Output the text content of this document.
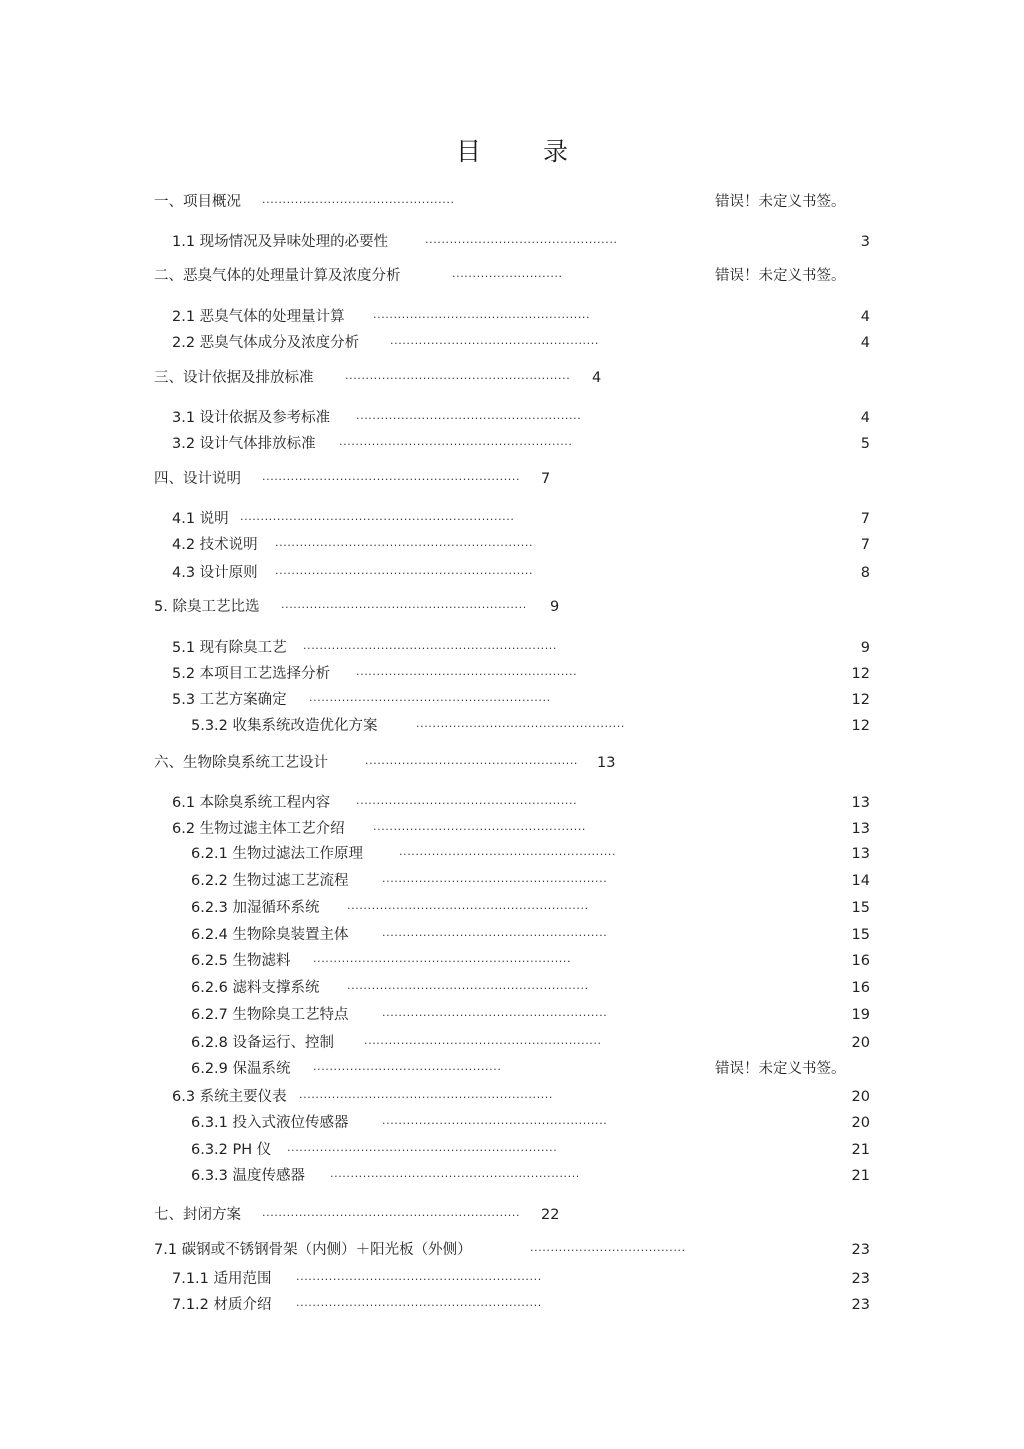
目 录
一、项目概况 ...............................................	错误！未定义书签。
1.1 现场情况及异味处理的必要性	...............................................	3
二、恶臭气体的处理量计算及浓度分析	...........................	错误！未定义书签。
2.1 恶臭气体的处理量计算	.....................................................	4
2.2 恶臭气体成分及浓度分析	...................................................	4
三、设计依据及排放标准	.......................................................	4
3.1 设计依据及参考标准 .......................................................	4
3.2 设计气体排放标准 .........................................................	5
四、设计说明 ...............................................................	7
4.1 说明 ...................................................................	7
4.2 技术说明 ...............................................................	7
4.3 设计原则 ...............................................................	8
5. 除臭工艺比选 ............................................................	9
5.1 现有除臭工艺 ..............................................................	9
5.2 本项目工艺选择分析 ......................................................	12
5.3 工艺方案确定 ...........................................................	12
5.3.2 收集系统改造优化方案	...................................................	12
六、生物除臭系统工艺设计	....................................................	13
6.1 本除臭系统工程内容 ......................................................	13
6.2 生物过滤主体工艺介绍	....................................................	13
6.2.1 生物过滤法工作原理	.....................................................	13
6.2.2 生物过滤工艺流程	.......................................................	14
6.2.3 加湿循环系统 ...........................................................	15
6.2.4 生物除臭装置主体	.......................................................	15
6.2.5 生物滤料 ...............................................................	16
6.2.6 滤料支撑系统 ...........................................................	16
6.2.7 生物除臭工艺特点	.......................................................	19
6.2.8 设备运行、控制	..........................................................	20
6.2.9 保温系统 ..............................................	错误！未定义书签。
6.3 系统主要仪表 ..............................................................	20
6.3.1 投入式液位传感器	.......................................................	20
6.3.2 PH 仪 ..................................................................	21
6.3.3 温度传感器 .............................................................	21
七、封闭方案 ...............................................................	22
7.1 碳钢或不锈钢骨架（内侧）＋阳光板（外侧）	......................................	23
7.1.1 适用范围 ............................................................	23
7.1.2 材质介绍 ............................................................	23
